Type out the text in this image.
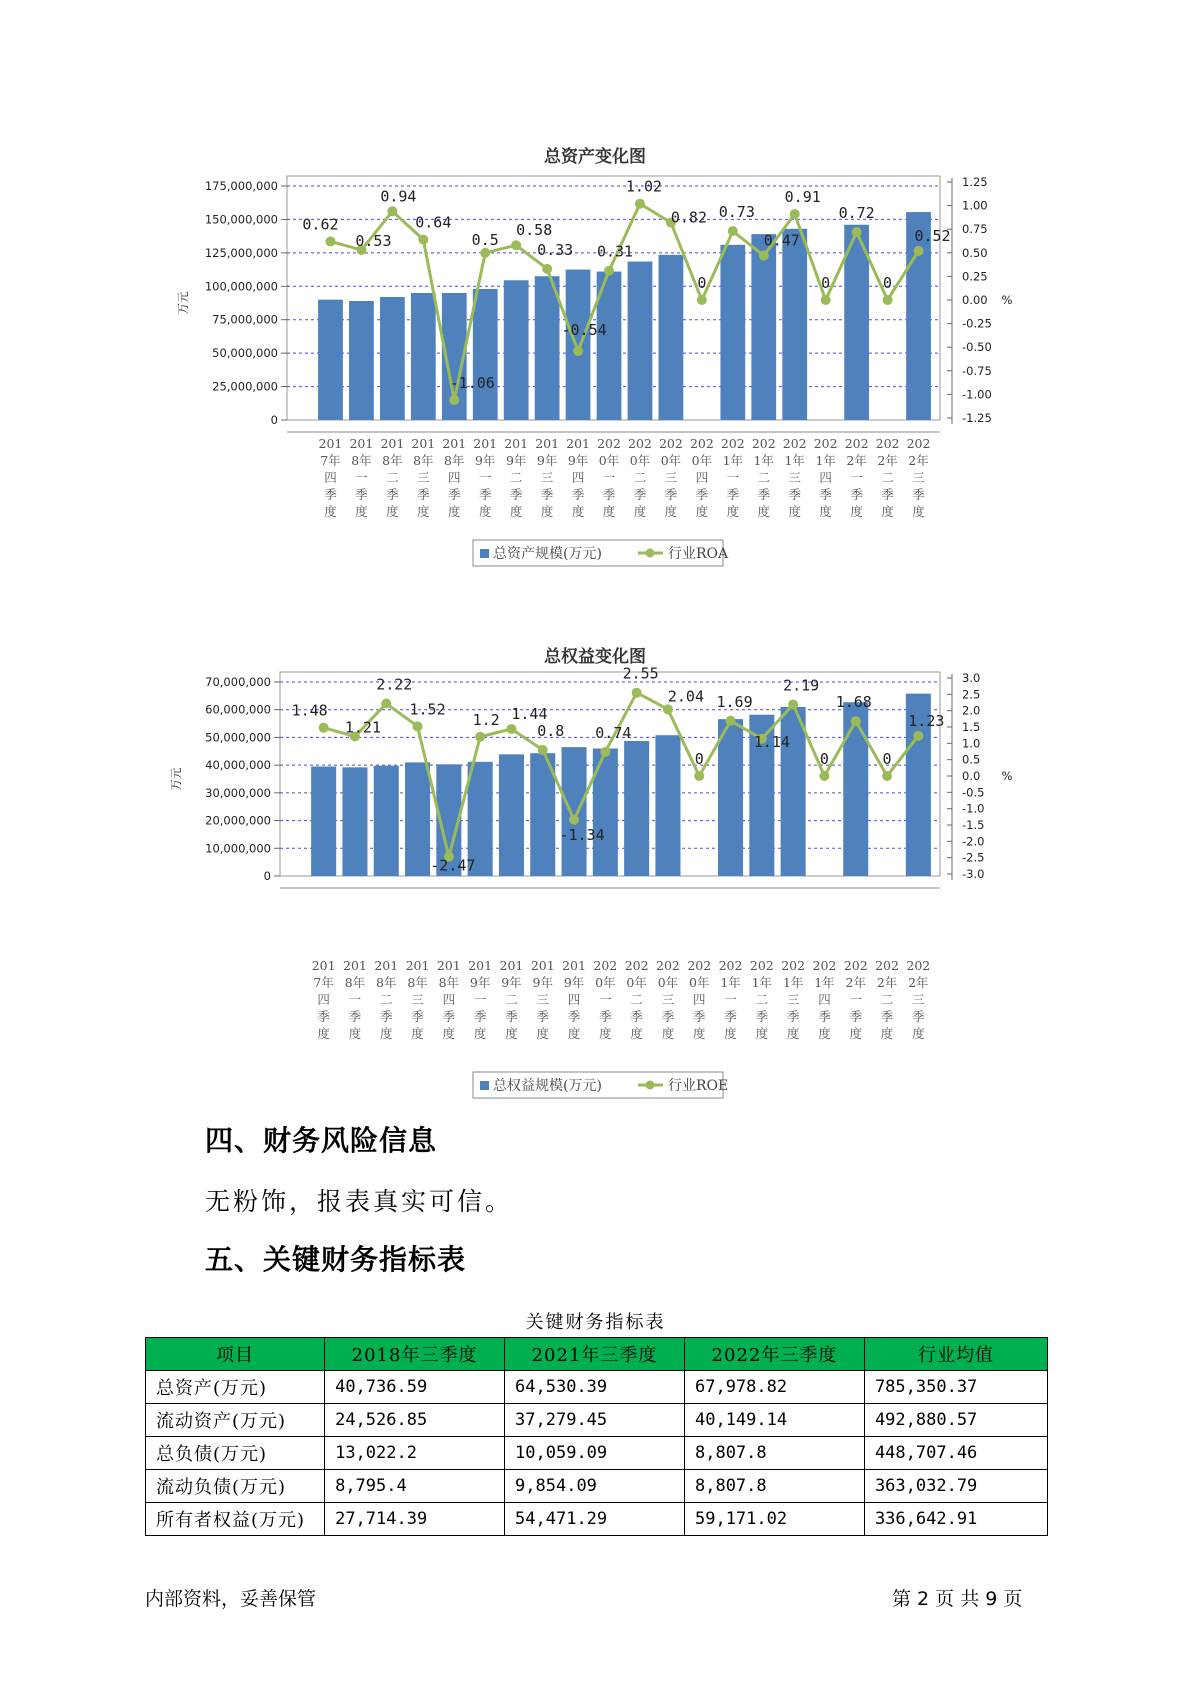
总资产变化图
0
25,000,000
50,000,000
75,000,000
100,000,000
125,000,000
150,000,000
175,000,000
万元
-1.25
-1.00
-0.75
-0.50
-0.25
0.00
0.25
0.50
0.75
1.00
1.25
%
0.62
0.53
0.94
0.64
-1.06
0.5
0.58
0.33
-0.54
0.31
1.02
0.82
0
0.73
0.47
0.91
0
0.72
0
0.52
201
7年
四
季
度
201
8年
一
季
度
201
8年
二
季
度
201
8年
三
季
度
201
8年
四
季
度
201
9年
一
季
度
201
9年
二
季
度
201
9年
三
季
度
201
9年
四
季
度
202
0年
一
季
度
202
0年
二
季
度
202
0年
三
季
度
202
0年
四
季
度
202
1年
一
季
度
202
1年
二
季
度
202
1年
三
季
度
202
1年
四
季
度
202
2年
一
季
度
202
2年
二
季
度
202
2年
三
季
度
总资产规模(万元)	行业ROA
总权益变化图
0
10,000,000
20,000,000
30,000,000
40,000,000
50,000,000
60,000,000
70,000,000
万元
-3.0
-2.5
-2.0
-1.5
-1.0
-0.5
0.0
0.5
1.0
1.5
2.0
2.5
3.0
%
1.48
1.21
2.22
1.52
-2.47
1.2 1.44
0.8
-1.34
0.74
2.55
2.04
0
1.69
1.14
2.19
0
1.68
0
1.23
201
7年
四
季
度
201
8年
一
季
度
201
8年
二
季
度
201
8年
三
季
度
201
8年
四
季
度
201
9年
一
季
度
201
9年
二
季
度
201
9年
三
季
度
201
9年
四
季
度
202
0年
一
季
度
202
0年
二
季
度
202
0年
三
季
度
202
0年
四
季
度
202
1年
一
季
度
202
1年
二
季
度
202
1年
三
季
度
202
1年
四
季
度
202
2年
一
季
度
202
2年
二
季
度
202
2年
三
季
度
总权益规模(万元)	行业ROE
四、财务风险信息
无粉饰，报表真实可信。
五、关键财务指标表
关键财务指标表
项目	2018年三季度	2021年三季度	2022年三季度	行业均值
总资产(万元)	40,736.59	64,530.39	67,978.82	785,350.37
流动资产(万元)	24,526.85	37,279.45	40,149.14	492,880.57
总负债(万元)	13,022.2	10,059.09	8,807.8	448,707.46
流动负债(万元)	8,795.4	9,854.09	8,807.8	363,032.79
所有者权益(万元)	27,714.39	54,471.29	59,171.02	336,642.91
内部资料，妥善保管	第 2 页 共 9 页
